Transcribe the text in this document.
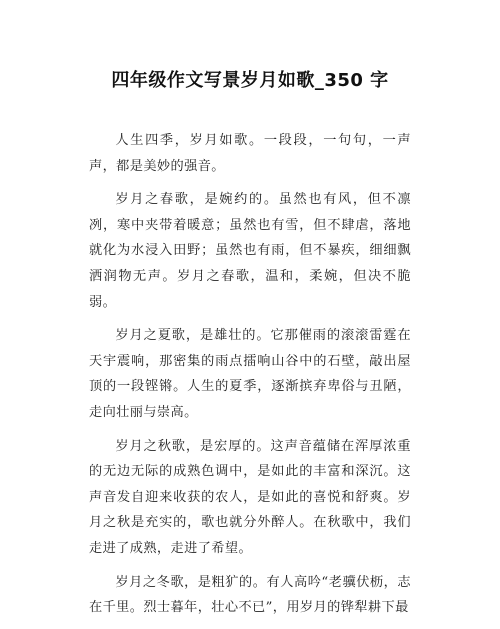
四年级作文写景岁月如歌_350 字

人生四季，岁月如歌。一段段，一句句，一声声，都是美妙的强音。

岁月之春歌，是婉约的。虽然也有风，但不凛冽，寒中夹带着暖意；虽然也有雪，但不肆虐，落地就化为水浸入田野；虽然也有雨，但不暴疾，细细飘洒润物无声。岁月之春歌，温和，柔婉，但决不脆弱。

岁月之夏歌，是雄壮的。它那催雨的滚滚雷霆在天宇震响，那密集的雨点擂响山谷中的石壁，敲出屋顶的一段铿锵。人生的夏季，逐渐摈弃卑俗与丑陋，走向壮丽与崇高。

岁月之秋歌，是宏厚的。这声音蕴储在浑厚浓重的无边无际的成熟色调中，是如此的丰富和深沉。这声音发自迎来收获的农人，是如此的喜悦和舒爽。岁月之秋是充实的，歌也就分外醉人。在秋歌中，我们走进了成熟，走进了希望。

岁月之冬歌，是粗犷的。有人高吟“老骥伏枥，志在千里。烈士暮年，壮心不已”，用岁月的铧犁耕下最
